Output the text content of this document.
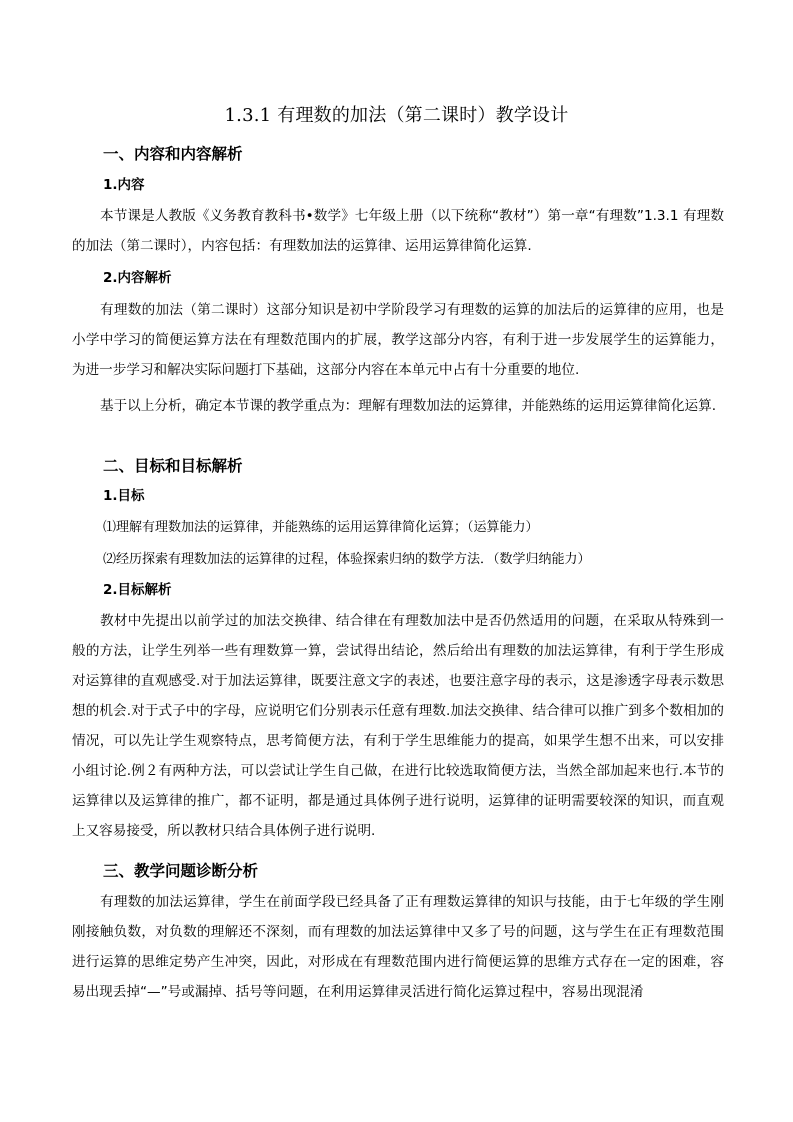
1.3.1 有理数的加法（第二课时）教学设计
一、内容和内容解析
1.内容
本节课是人教版《义务教育教科书•数学》七年级上册（以下统称“教材”）第一章“有理数”1.3.1 有理数的加法（第二课时），内容包括：有理数加法的运算律、运用运算律简化运算.
2.内容解析
有理数的加法（第二课时）这部分知识是初中学阶段学习有理数的运算的加法后的运算律的应用，也是小学中学习的简便运算方法在有理数范围内的扩展，教学这部分内容，有利于进一步发展学生的运算能力，为进一步学习和解决实际问题打下基础，这部分内容在本单元中占有十分重要的地位.
基于以上分析，确定本节课的教学重点为：理解有理数加法的运算律，并能熟练的运用运算律简化运算.
二、目标和目标解析
1.目标
⑴理解有理数加法的运算律，并能熟练的运用运算律简化运算；（运算能力）
⑵经历探索有理数加法的运算律的过程，体验探索归纳的数学方法．（数学归纳能力）
2.目标解析
教材中先提出以前学过的加法交换律、结合律在有理数加法中是否仍然适用的问题，在采取从特殊到一般的方法，让学生列举一些有理数算一算，尝试得出结论，然后给出有理数的加法运算律，有利于学生形成对运算律的直观感受.对于加法运算律，既要注意文字的表述，也要注意字母的表示，这是渗透字母表示数思想的机会.对于式子中的字母，应说明它们分别表示任意有理数.加法交换律、结合律可以推广到多个数相加的情况，可以先让学生观察特点，思考简便方法，有利于学生思维能力的提高，如果学生想不出来，可以安排小组讨论.例２有两种方法，可以尝试让学生自己做，在进行比较选取简便方法，当然全部加起来也行.本节的运算律以及运算律的推广，都不证明，都是通过具体例子进行说明，运算律的证明需要较深的知识，而直观上又容易接受，所以教材只结合具体例子进行说明.
三、教学问题诊断分析
有理数的加法运算律，学生在前面学段已经具备了正有理数运算律的知识与技能，由于七年级的学生刚刚接触负数，对负数的理解还不深刻，而有理数的加法运算律中又多了号的问题，这与学生在正有理数范围进行运算的思维定势产生冲突，因此，对形成在有理数范围内进行简便运算的思维方式存在一定的困难，容易出现丢掉“—”号或漏掉、括号等问题，在利用运算律灵活进行简化运算过程中，容易出现混淆
